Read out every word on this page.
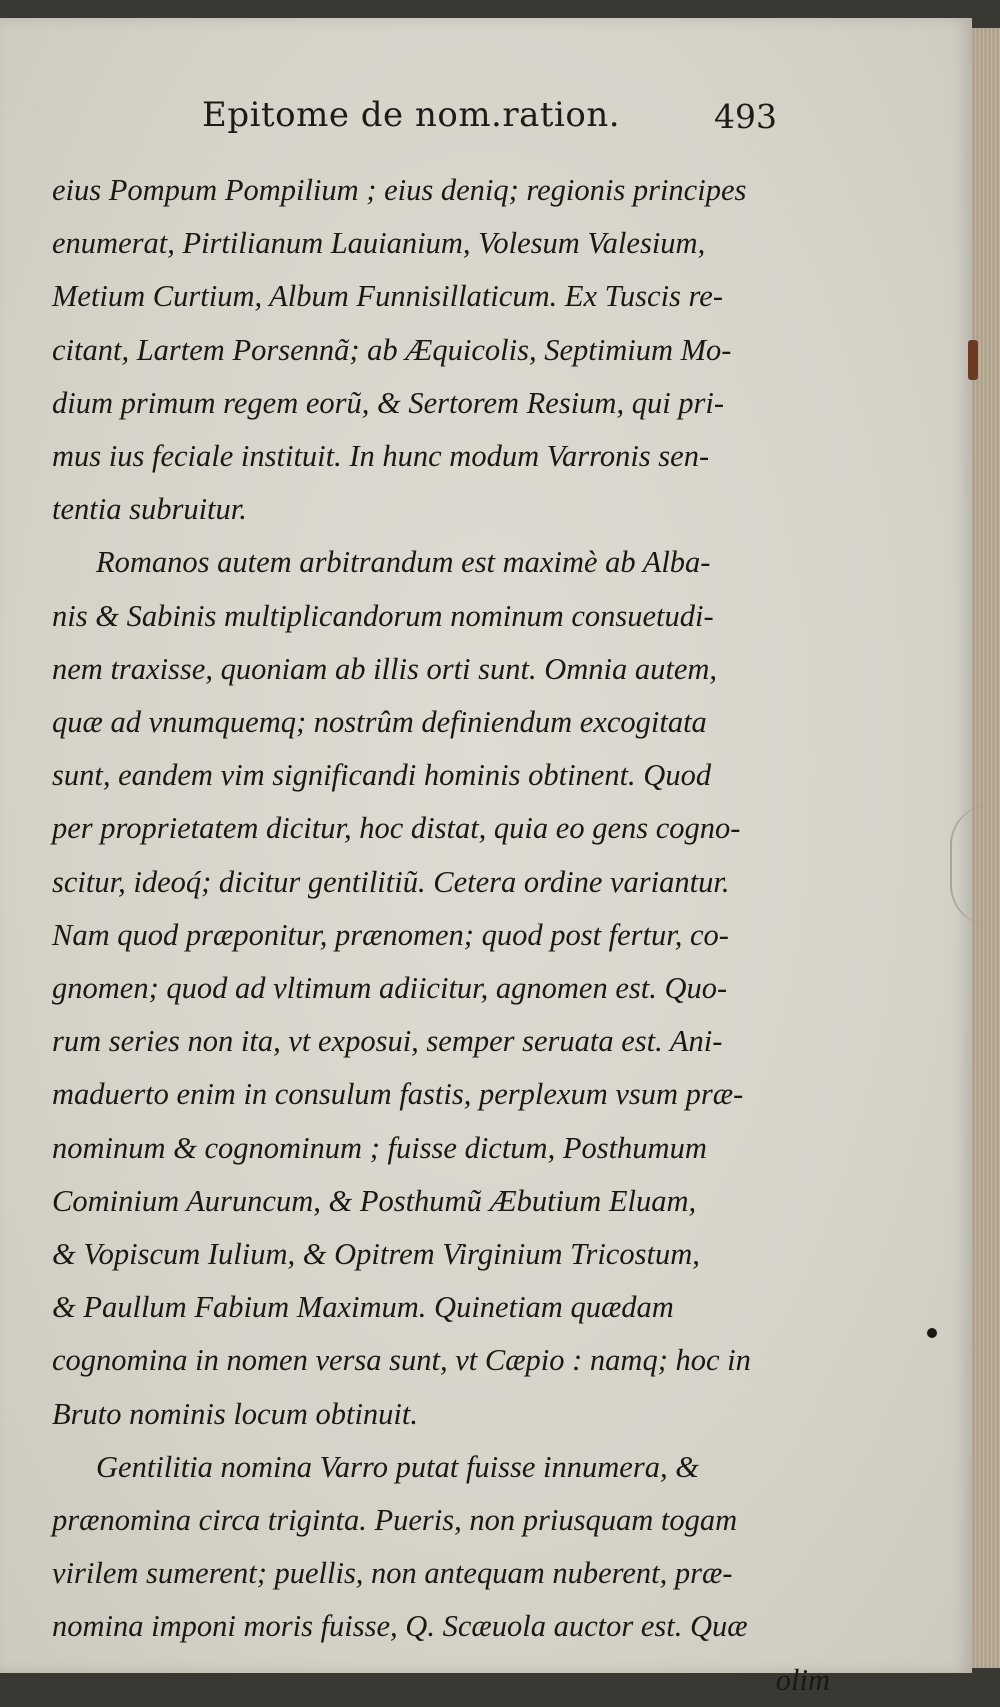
Epitome de nom.ration.	493

eius Pompum Pompilium ; eius deniq; regionis principes
enumerat, Pirtilianum Lauianium, Volesum Valesium,
Metium Curtium, Album Funnisillaticum. Ex Tuscis re-
citant, Lartem Porsennã; ab Æquicolis, Septimium Mo-
dium primum regem eorũ, & Sertorem Resium, qui pri-
mus ius feciale instituit. In hunc modum Varronis sen-
tentia subruitur.

Romanos autem arbitrandum est maximè ab Alba-
nis & Sabinis multiplicandorum nominum consuetudi-
nem traxisse, quoniam ab illis orti sunt. Omnia autem,
quæ ad vnumquemq; nostrûm definiendum excogitata
sunt, eandem vim significandi hominis obtinent. Quod
per proprietatem dicitur, hoc distat, quia eo gens cogno-
scitur, ideoq́; dicitur gentilitiũ. Cetera ordine variantur.
Nam quod præponitur, prænomen; quod post fertur, co-
gnomen; quod ad vltimum adiicitur, agnomen est. Quo-
rum series non ita, vt exposui, semper seruata est. Ani-
maduerto enim in consulum fastis, perplexum vsum præ-
nominum & cognominum ; fuisse dictum, Posthumum
Cominium Auruncum, & Posthumũ Æbutium Eluam,
& Vopiscum Iulium, & Opitrem Virginium Tricostum,
& Paullum Fabium Maximum. Quinetiam quædam
cognomina in nomen versa sunt, vt Cæpio : namq; hoc in
Bruto nominis locum obtinuit.

Gentilitia nomina Varro putat fuisse innumera, &
prænomina circa triginta. Pueris, non priusquam togam
virilem sumerent; puellis, non antequam nuberent, præ-
nomina imponi moris fuisse, Q. Scæuola auctor est. Quæ

olim
